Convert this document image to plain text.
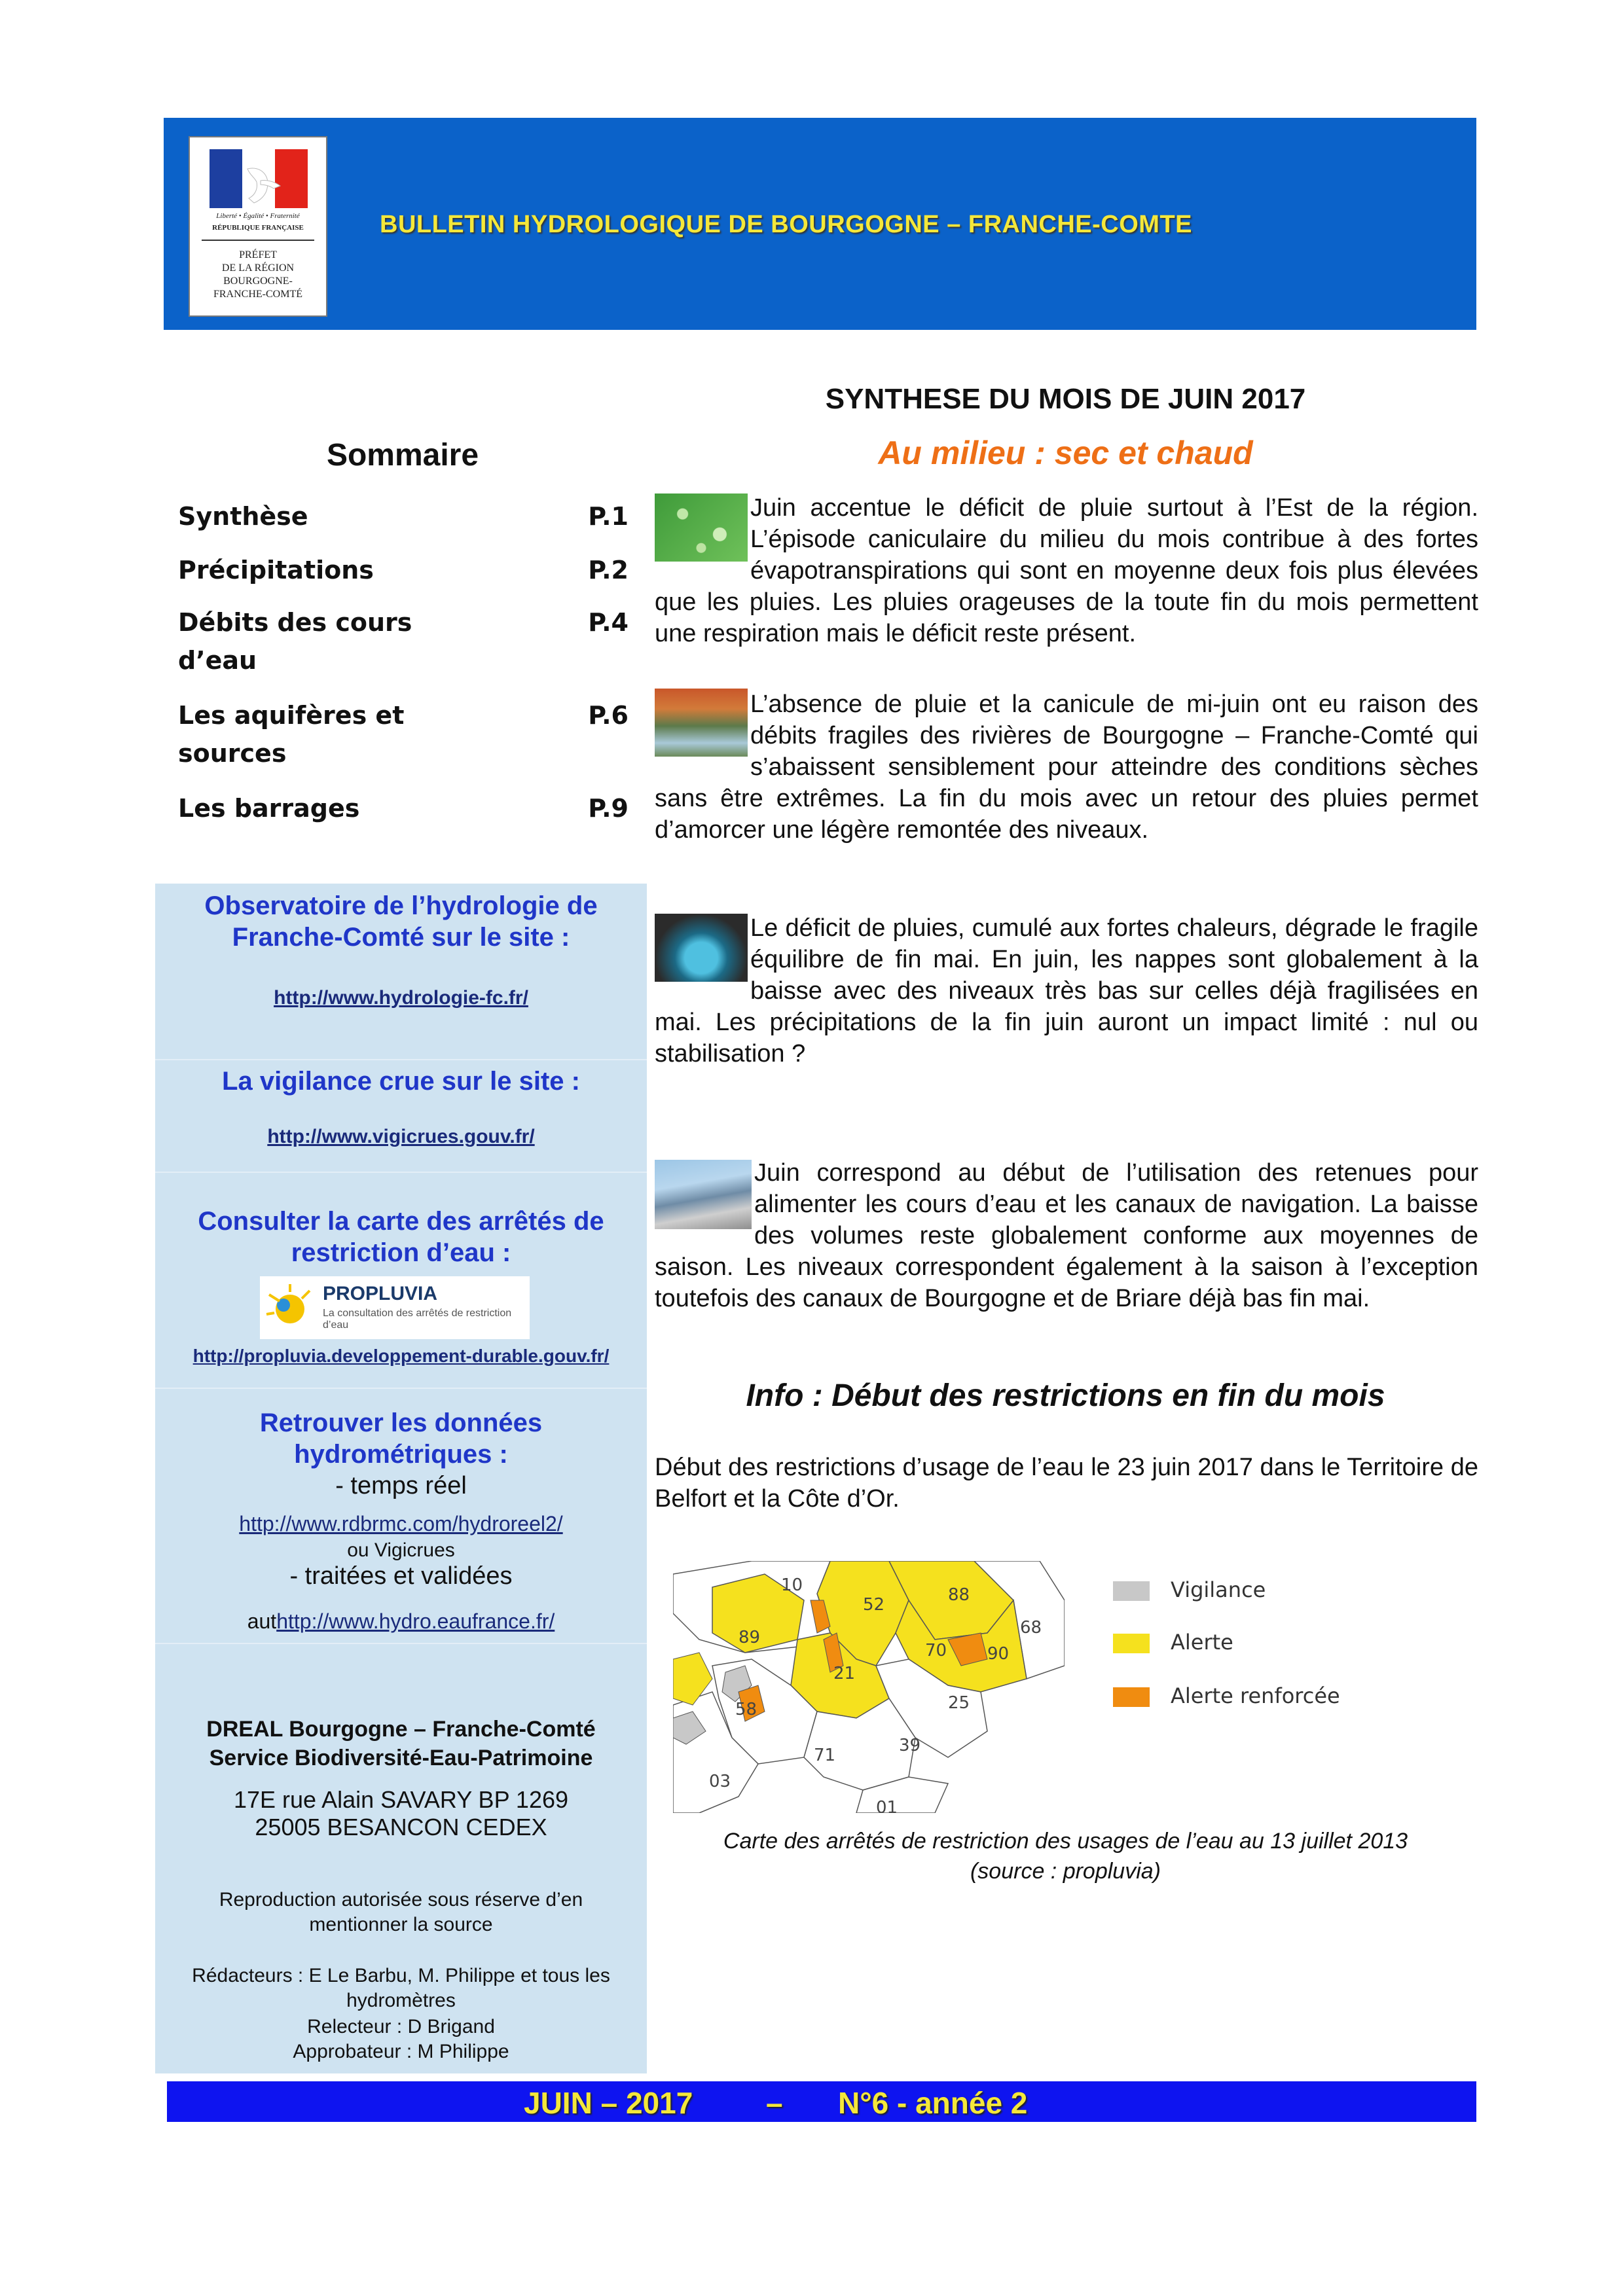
Liberté • Égalité • Fraternité
RÉPUBLIQUE FRANÇAISE
PRÉFET
DE LA RÉGION
BOURGOGNE-
FRANCHE-COMTÉ
BULLETIN HYDROLOGIQUE DE BOURGOGNE – FRANCHE-COMTE
Sommaire
Synthèse	P.1
Précipitations	P.2
Débits des cours d’eau
P.4
Les aquifères et sources
P.6
Les barrages	P.9
Observatoire de l’hydrologie de Franche-Comté sur le site :
http://www.hydrologie-fc.fr/
La vigilance crue sur le site :
http://www.vigicrues.gouv.fr/
Consulter la carte des arrêtés de restriction d’eau :
PROPLUVIA
La consultation des arrêtés de restriction d’eau
http://propluvia.developpement-durable.gouv.fr/
Retrouver les données hydrométriques :
- temps réel
http://www.rdbrmc.com/hydroreel2/
ou Vigicrues
- traitées et validées
authttp://www.hydro.eaufrance.fr/
DREAL Bourgogne – Franche-Comté
Service Biodiversité-Eau-Patrimoine
17E rue Alain SAVARY BP 1269
25005 BESANCON CEDEX
Reproduction autorisée sous réserve d’en mentionner la source
Rédacteurs : E Le Barbu, M. Philippe et tous les hydromètres
Relecteur : D Brigand
Approbateur : M Philippe
SYNTHESE DU MOIS DE JUIN 2017
Au milieu : sec et chaud
Juin accentue le déficit de pluie surtout à l’Est de la région. L’épisode caniculaire du milieu du mois contribue à des fortes évapotranspirations qui sont en moyenne deux fois plus élevées que les pluies. Les pluies orageuses de la toute fin du mois permettent une respiration mais le déficit reste présent.
L’absence de pluie et la canicule de mi-juin ont eu raison des débits fragiles des rivières de Bourgogne – Franche-Comté qui s’abaissent sensiblement pour atteindre des conditions sèches sans être extrêmes. La fin du mois avec un retour des pluies permet d’amorcer une légère remontée des niveaux.
Le déficit de pluies, cumulé aux fortes chaleurs, dégrade le fragile équilibre de fin mai. En juin, les nappes sont globalement à la baisse avec des niveaux très bas sur celles déjà fragilisées en mai. Les précipitations de la fin juin auront un impact limité : nul ou stabilisation ?
Juin correspond au début de l’utilisation des retenues pour alimenter les cours d’eau et les canaux de navigation. La baisse des volumes reste globalement conforme aux moyennes de saison. Les niveaux correspondent également à la saison à l’exception toutefois des canaux de Bourgogne et de Briare déjà bas fin mai.
Info : Début des restrictions en fin du mois
Début des restrictions d’usage de l’eau le 23 juin 2017 dans le Territoire de Belfort et la Côte d’Or.
10
52	88
89	68
70
21
90
58	25
71	39
03
01
Vigilance
Alerte
Alerte renforcée
Carte des arrêtés de restriction des usages de l’eau au 13 juillet 2013
(source : propluvia)
JUIN – 2017 – N°6 - année 2
